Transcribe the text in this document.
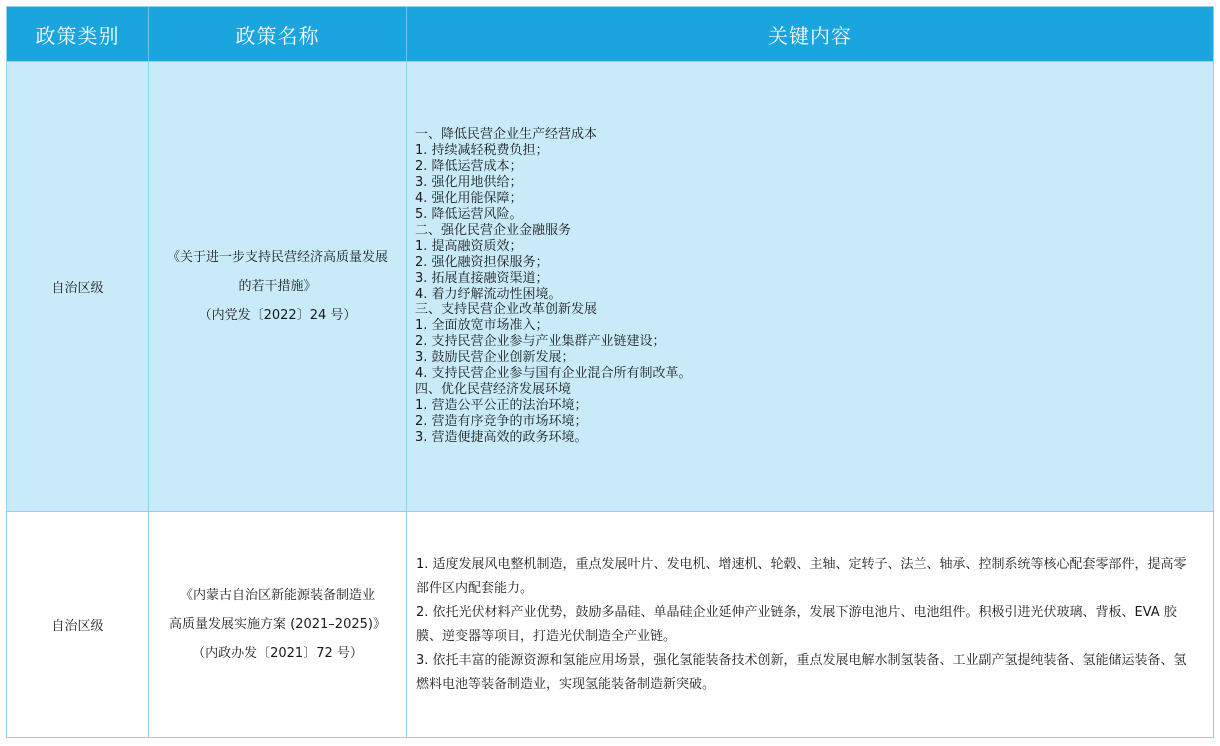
政策类别	政策名称	关键内容
自治区级
《关于进一步支持民营经济高质量发展
的若干措施》
（内党发〔2022〕24 号）
一、降低民营企业生产经营成本
1. 持续减轻税费负担；
2. 降低运营成本；
3. 强化用地供给；
4. 强化用能保障；
5. 降低运营风险。
二、强化民营企业金融服务
1. 提高融资质效；
2. 强化融资担保服务；
3. 拓展直接融资渠道；
4. 着力纾解流动性困境。
三、支持民营企业改革创新发展
1. 全面放宽市场准入；
2. 支持民营企业参与产业集群产业链建设；
3. 鼓励民营企业创新发展；
4. 支持民营企业参与国有企业混合所有制改革。
四、优化民营经济发展环境
1. 营造公平公正的法治环境；
2. 营造有序竞争的市场环境；
3. 营造便捷高效的政务环境。
自治区级
《内蒙古自治区新能源装备制造业
高质量发展实施方案 (2021–2025)》
（内政办发〔2021〕72 号）

1. 适度发展风电整机制造，重点发展叶片、发电机、增速机、轮毂、主轴、定转子、法兰、轴承、控制系统等核心配套零部件，提高零部件区内配套能力。

2. 依托光伏材料产业优势，鼓励多晶硅、单晶硅企业延伸产业链条，发展下游电池片、电池组件。积极引进光伏玻璃、背板、EVA 胶膜、逆变器等项目，打造光伏制造全产业链。

3. 依托丰富的能源资源和氢能应用场景，强化氢能装备技术创新，重点发展电解水制氢装备、工业副产氢提纯装备、氢能储运装备、氢燃料电池等装备制造业，实现氢能装备制造新突破。
